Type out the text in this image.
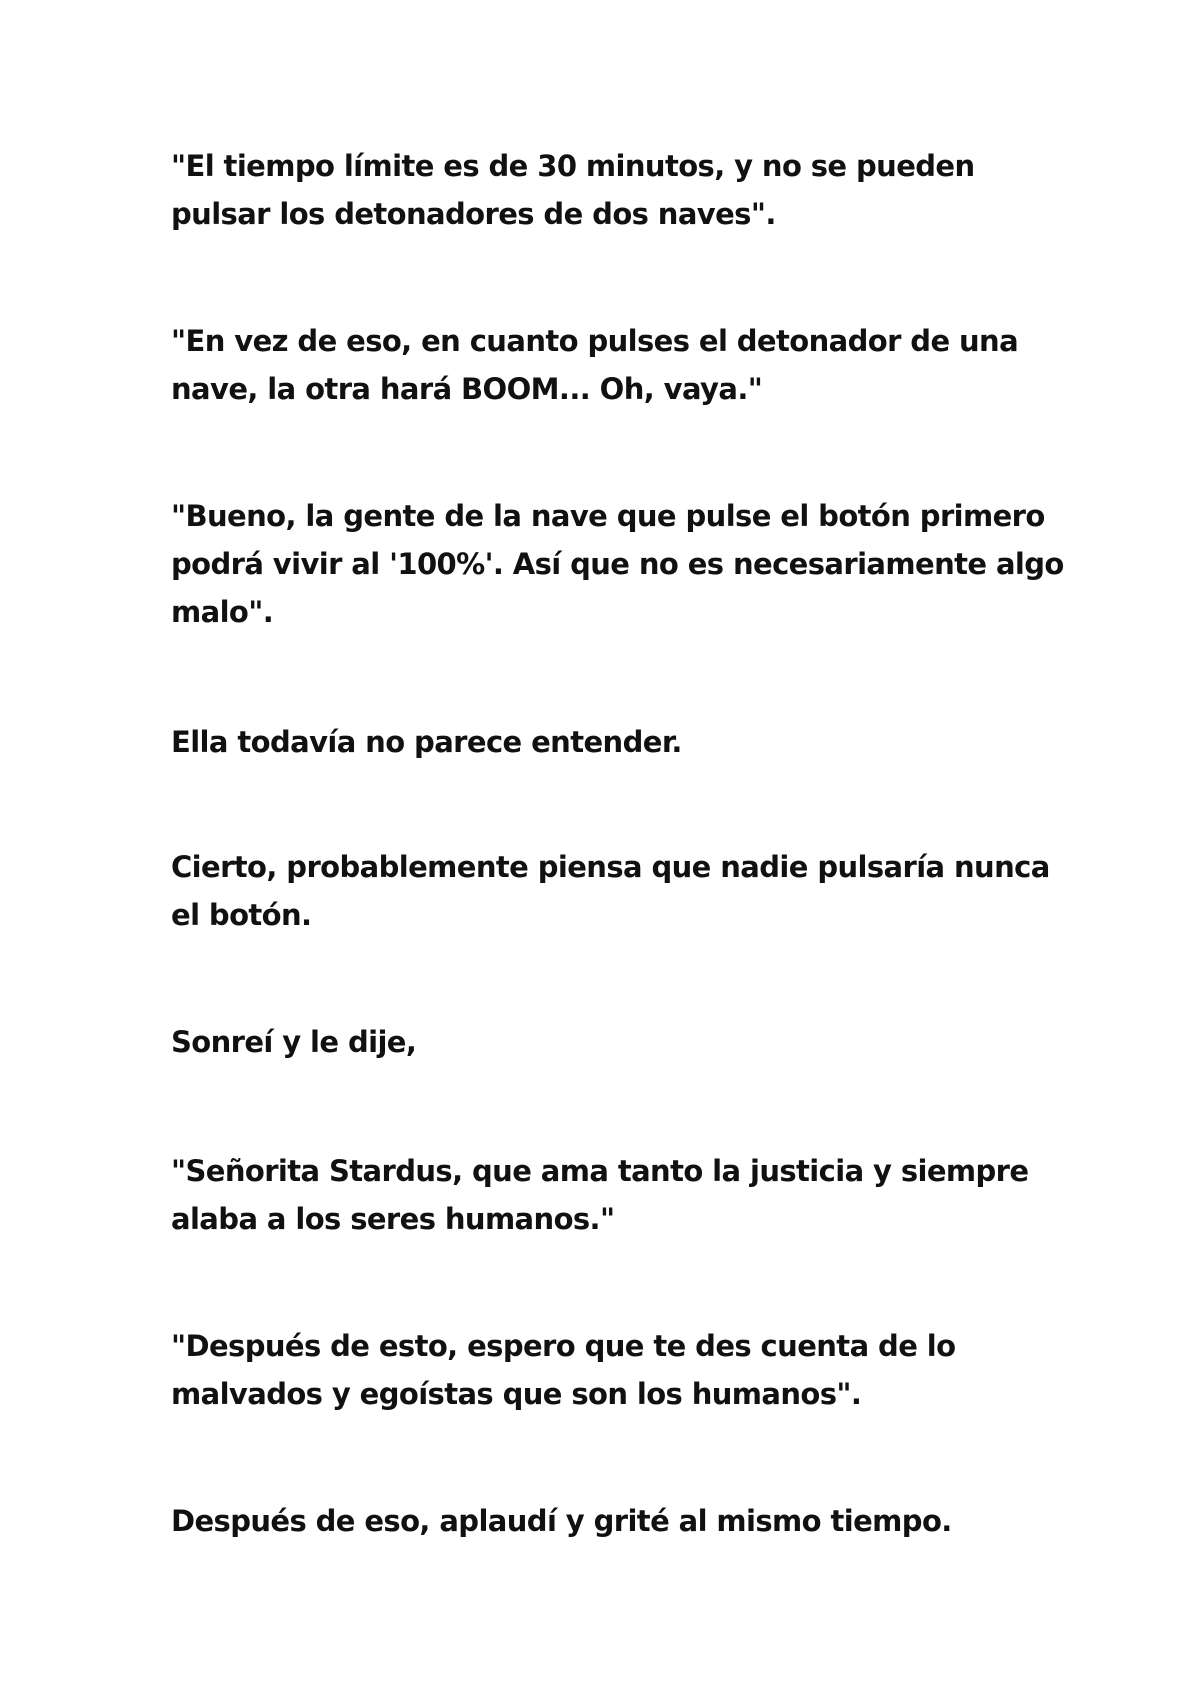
"El tiempo límite es de 30 minutos, y no se pueden
pulsar los detonadores de dos naves".

"En vez de eso, en cuanto pulses el detonador de una
nave, la otra hará BOOM... Oh, vaya."

"Bueno, la gente de la nave que pulse el botón primero
podrá vivir al '100%'. Así que no es necesariamente algo
malo".

Ella todavía no parece entender.

Cierto, probablemente piensa que nadie pulsaría nunca
el botón.

Sonreí y le dije,

"Señorita Stardus, que ama tanto la justicia y siempre
alaba a los seres humanos."

"Después de esto, espero que te des cuenta de lo
malvados y egoístas que son los humanos".

Después de eso, aplaudí y grité al mismo tiempo.
